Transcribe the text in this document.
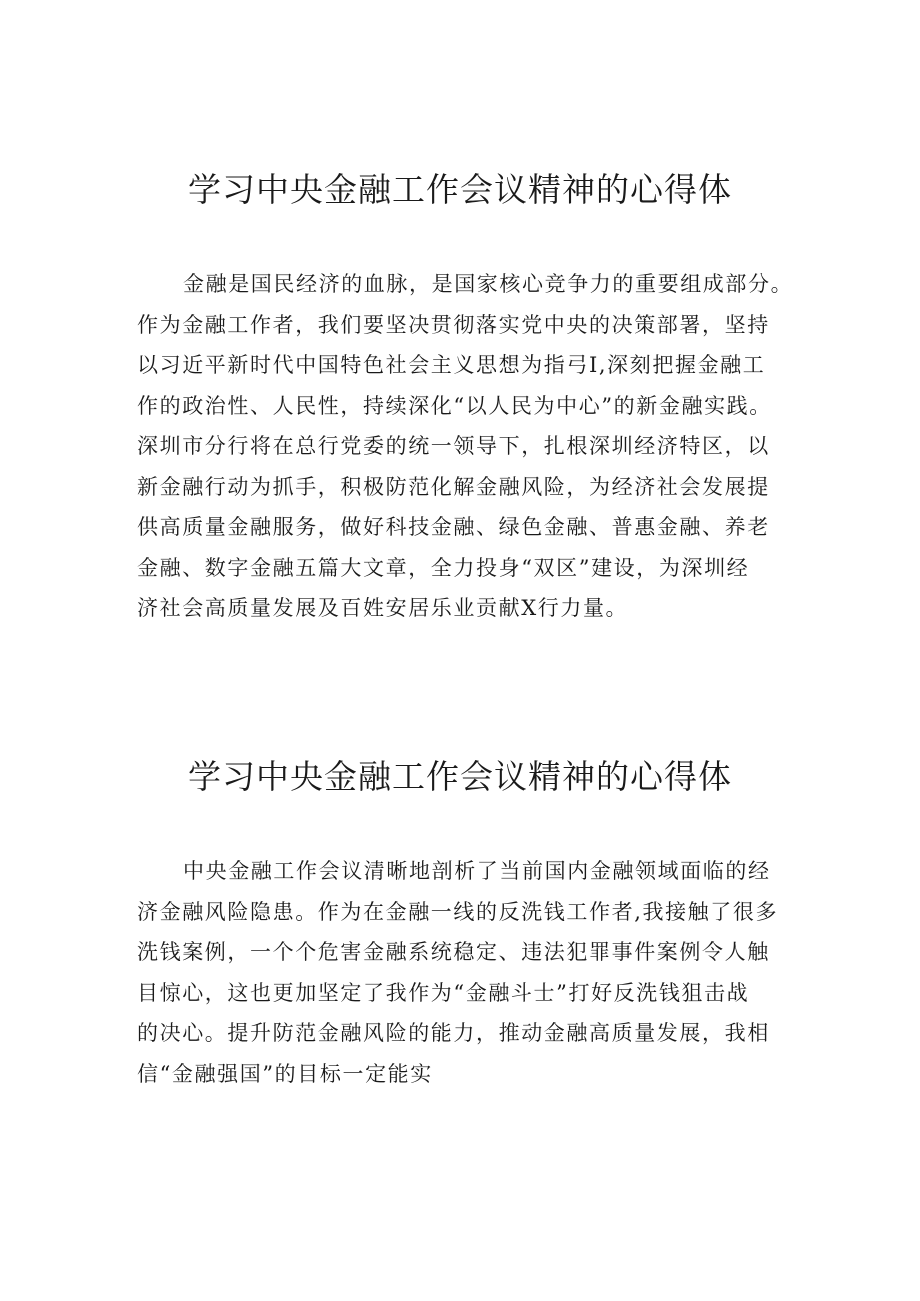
学习中央金融工作会议精神的心得体

金融是国民经济的血脉，是国家核心竞争力的重要组成部分。
作为金融工作者，我们要坚决贯彻落实党中央的决策部署，坚持
以习近平新时代中国特色社会主义思想为指弓I,深刻把握金融工
作的政治性、人民性，持续深化“以人民为中心”的新金融实践。
深圳市分行将在总行党委的统一领导下，扎根深圳经济特区，以
新金融行动为抓手，积极防范化解金融风险，为经济社会发展提
供高质量金融服务，做好科技金融、绿色金融、普惠金融、养老
金融、数字金融五篇大文章，全力投身“双区”建设，为深圳经
济社会高质量发展及百姓安居乐业贡献X行力量。

学习中央金融工作会议精神的心得体

中央金融工作会议清晰地剖析了当前国内金融领域面临的经
济金融风险隐患。作为在金融一线的反洗钱工作者,我接触了很多
洗钱案例，一个个危害金融系统稳定、违法犯罪事件案例令人触
目惊心，这也更加坚定了我作为“金融斗士”打好反洗钱狙击战
的决心。提升防范金融风险的能力，推动金融高质量发展，我相
信“金融强国”的目标一定能实
